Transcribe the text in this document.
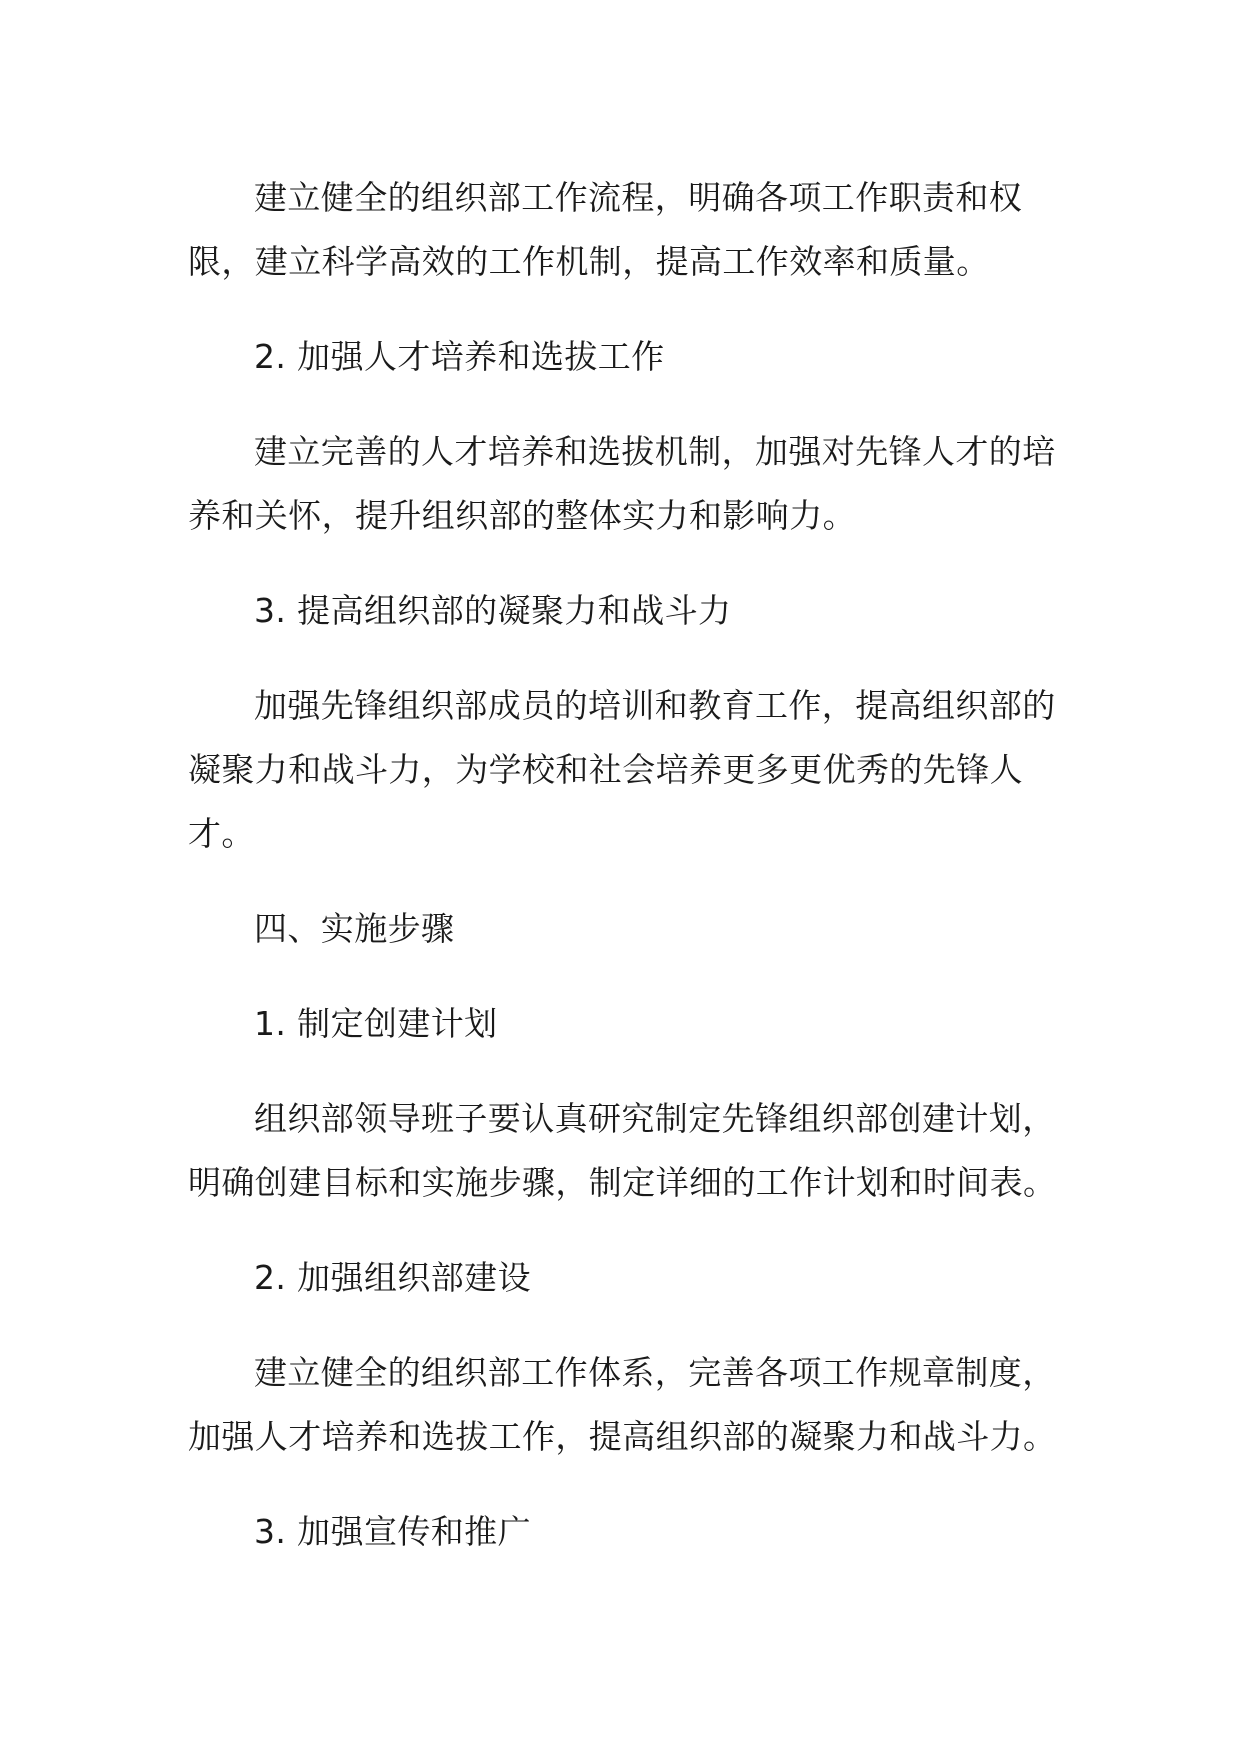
建立健全的组织部工作流程，明确各项工作职责和权限，建立科学高效的工作机制，提高工作效率和质量。

2. 加强人才培养和选拔工作

建立完善的人才培养和选拔机制，加强对先锋人才的培养和关怀，提升组织部的整体实力和影响力。

3. 提高组织部的凝聚力和战斗力

加强先锋组织部成员的培训和教育工作，提高组织部的凝聚力和战斗力，为学校和社会培养更多更优秀的先锋人才。

四、实施步骤

1. 制定创建计划

组织部领导班子要认真研究制定先锋组织部创建计划，明确创建目标和实施步骤，制定详细的工作计划和时间表。

2. 加强组织部建设

建立健全的组织部工作体系，完善各项工作规章制度，加强人才培养和选拔工作，提高组织部的凝聚力和战斗力。

3. 加强宣传和推广
